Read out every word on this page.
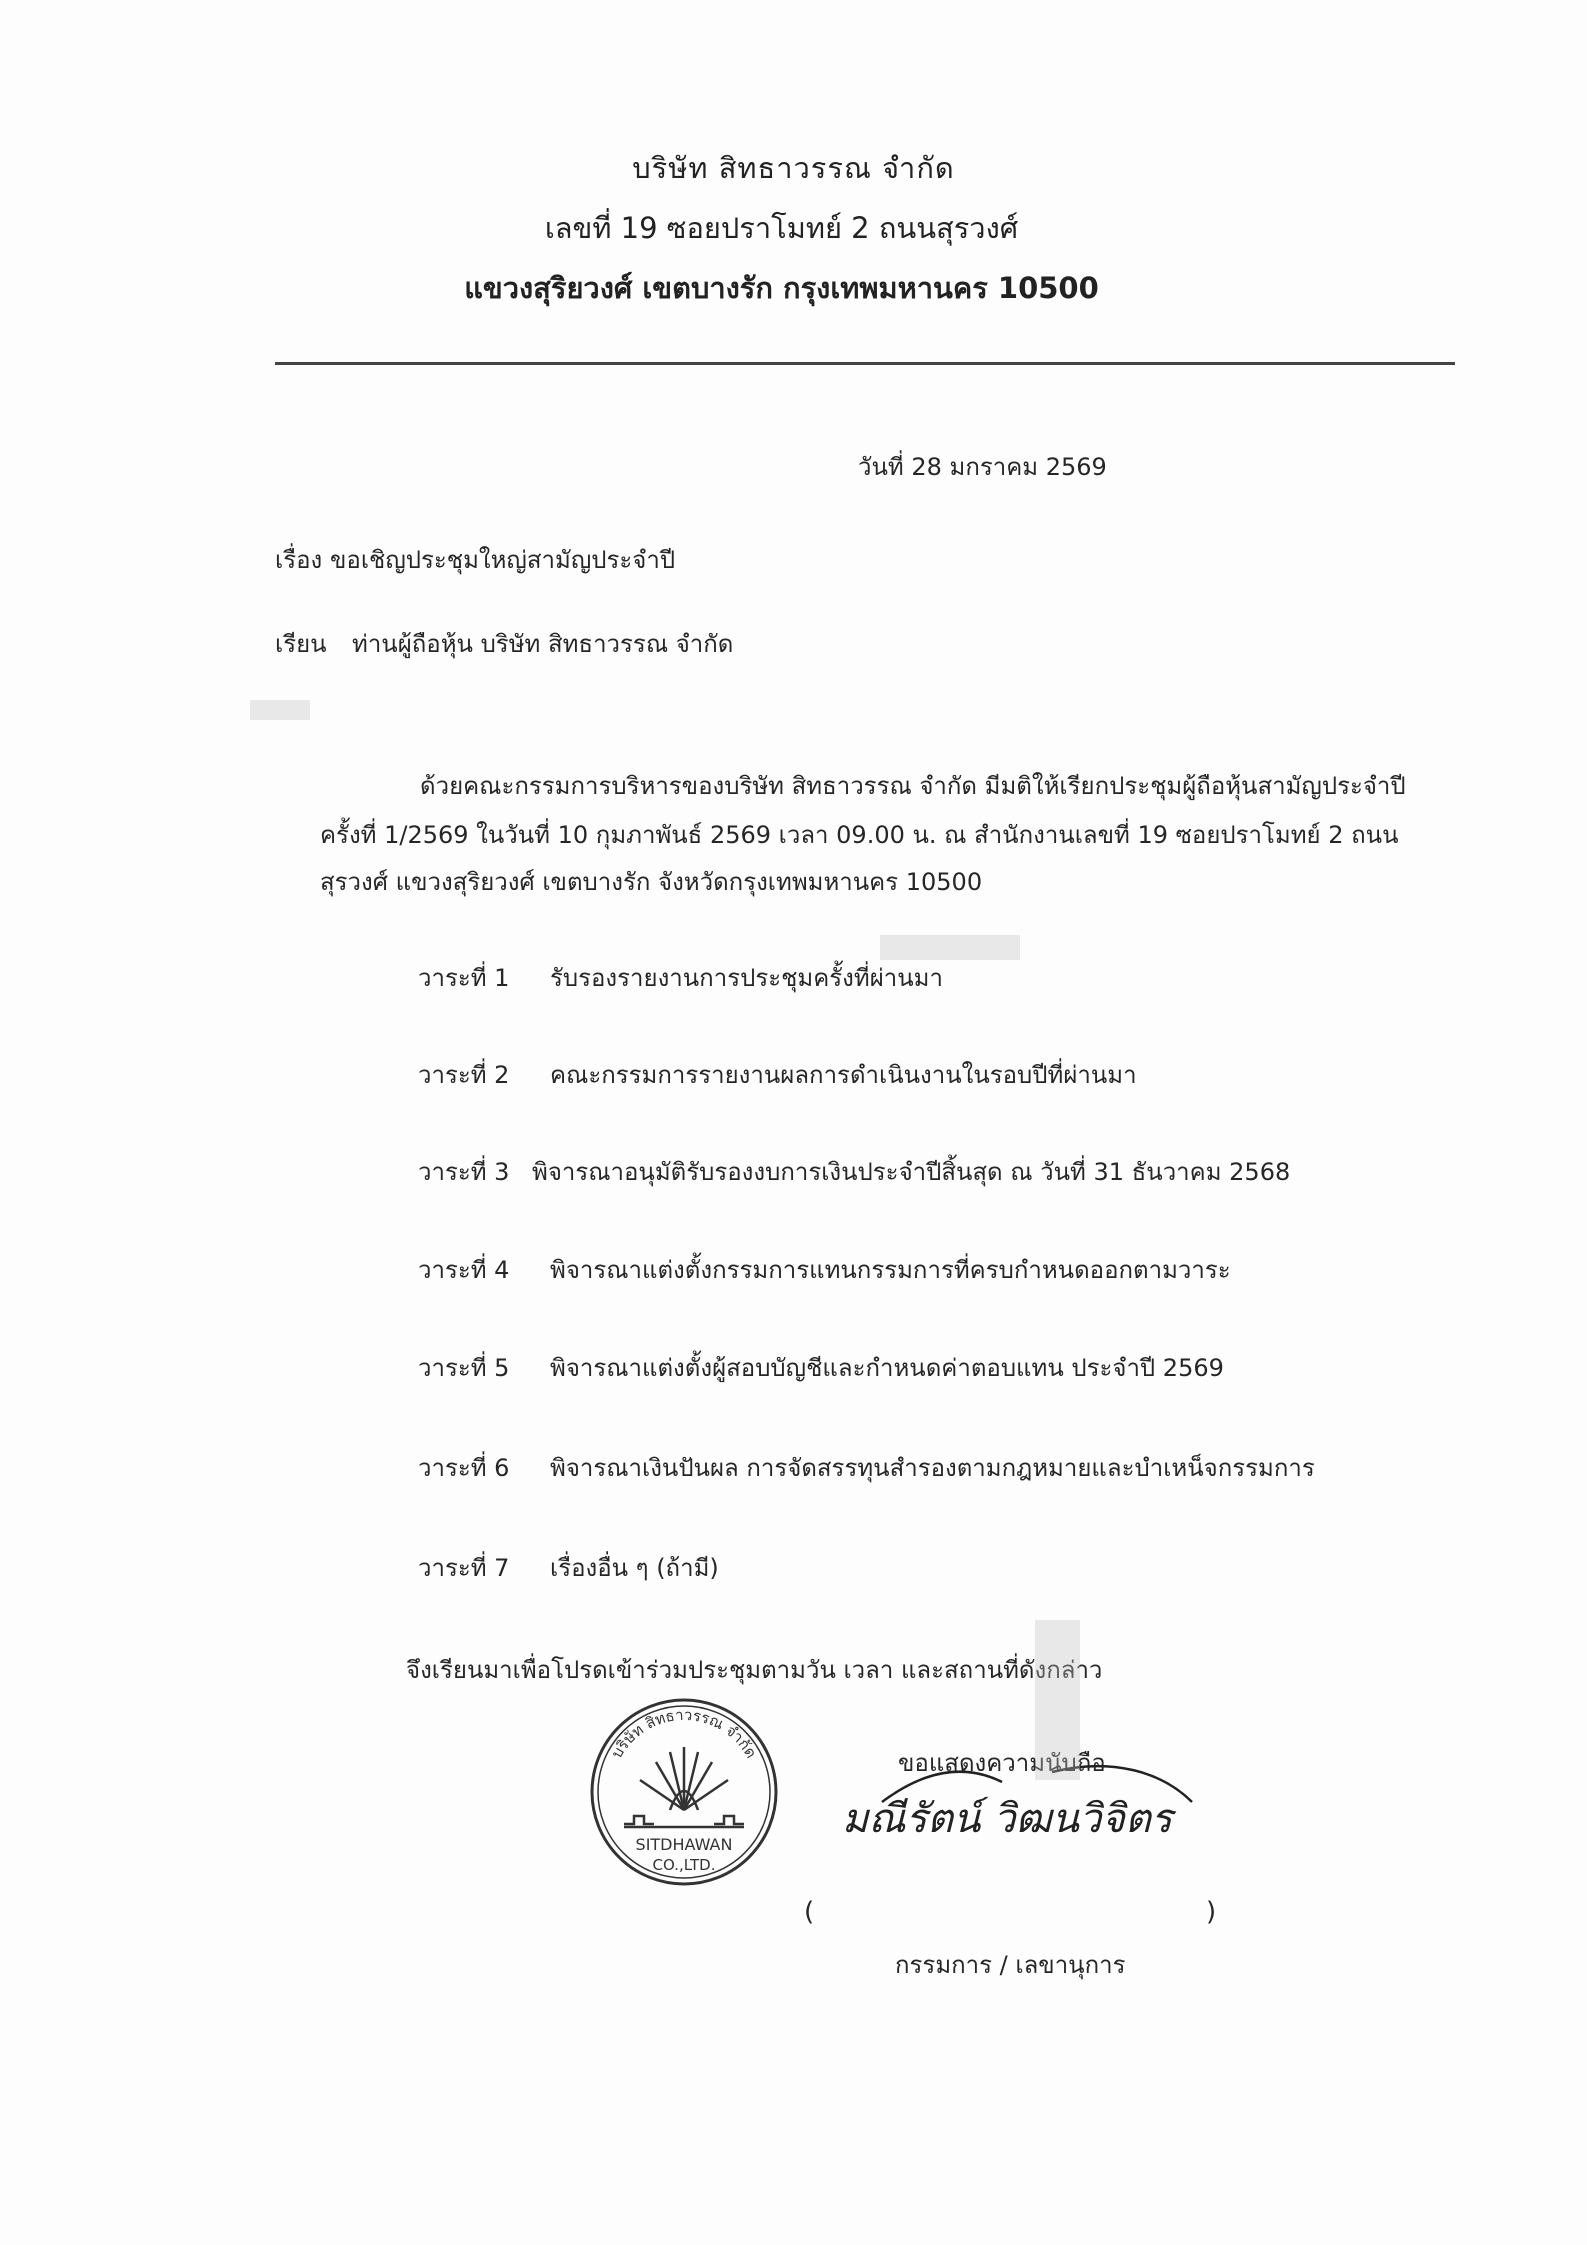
บริษัท สิทธาวรรณ จำกัด
เลขที่ 19 ซอยปราโมทย์ 2 ถนนสุรวงศ์
แขวงสุริยวงศ์ เขตบางรัก กรุงเทพมหานคร 10500
วันที่ 28 มกราคม 2569
เรื่อง ขอเชิญประชุมใหญ่สามัญประจำปี
เรียน ท่านผู้ถือหุ้น บริษัท สิทธาวรรณ จำกัด
ด้วยคณะกรรมการบริหารของบริษัท สิทธาวรรณ จำกัด มีมติให้เรียกประชุมผู้ถือหุ้นสามัญประจำปี
ครั้งที่ 1/2569 ในวันที่ 10 กุมภาพันธ์ 2569 เวลา 09.00 น. ณ สำนักงานเลขที่ 19 ซอยปราโมทย์ 2 ถนน
สุรวงศ์ แขวงสุริยวงศ์ เขตบางรัก จังหวัดกรุงเทพมหานคร 10500
วาระที่ 1 รับรองรายงานการประชุมครั้งที่ผ่านมา
วาระที่ 2 คณะกรรมการรายงานผลการดำเนินงานในรอบปีที่ผ่านมา
วาระที่ 3 พิจารณาอนุมัติรับรองงบการเงินประจำปีสิ้นสุด ณ วันที่ 31 ธันวาคม 2568
วาระที่ 4 พิจารณาแต่งตั้งกรรมการแทนกรรมการที่ครบกำหนดออกตามวาระ
วาระที่ 5 พิจารณาแต่งตั้งผู้สอบบัญชีและกำหนดค่าตอบแทน ประจำปี 2569
วาระที่ 6 พิจารณาเงินปันผล การจัดสรรทุนสำรองตามกฎหมายและบำเหน็จกรรมการ
วาระที่ 7 เรื่องอื่น ๆ (ถ้ามี)
จึงเรียนมาเพื่อโปรดเข้าร่วมประชุมตามวัน เวลา และสถานที่ดังกล่าว
บริษัท สิทธาวรรณ จำกัด
SITDHAWAN
CO.,LTD.
ขอแสดงความนับถือ
มณีรัตน์ วิฒนวิจิตร
(	)
กรรมการ / เลขานุการ
